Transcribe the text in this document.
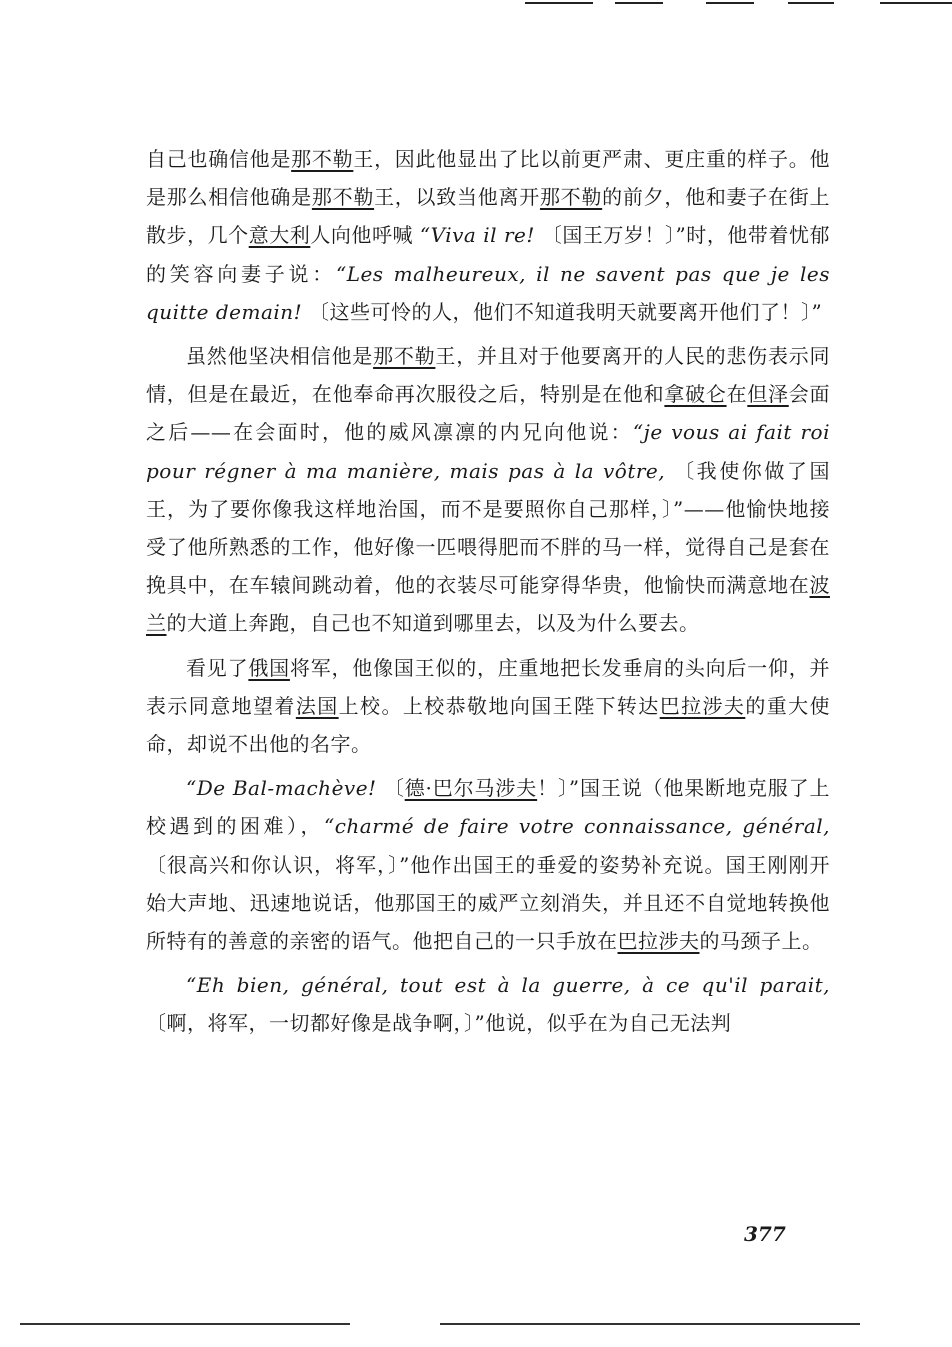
自己也确信他是那不勒王，因此他显出了比以前更严肃、更庄重的样子。他是那么相信他确是那不勒王，以致当他离开那不勒的前夕，他和妻子在街上散步，几个意大利人向他呼喊 “Viva il re! 〔国王万岁！〕”时，他带着忧郁的笑容向妻子说：“Les malheureux, il ne savent pas que je les quitte demain! 〔这些可怜的人，他们不知道我明天就要离开他们了！〕”

虽然他坚决相信他是那不勒王，并且对于他要离开的人民的悲伤表示同情，但是在最近，在他奉命再次服役之后，特别是在他和拿破仑在但泽会面之后——在会面时，他的威风凛凛的内兄向他说：“je vous ai fait roi pour régner à ma manière, mais pas à la vôtre, 〔我使你做了国王，为了要你像我这样地治国，而不是要照你自己那样，〕”——他愉快地接受了他所熟悉的工作，他好像一匹喂得肥而不胖的马一样，觉得自己是套在挽具中，在车辕间跳动着，他的衣装尽可能穿得华贵，他愉快而满意地在波兰的大道上奔跑，自己也不知道到哪里去，以及为什么要去。

看见了俄国将军，他像国王似的，庄重地把长发垂肩的头向后一仰，并表示同意地望着法国上校。上校恭敬地向国王陛下转达巴拉涉夫的重大使命，却说不出他的名字。

“De Bal-machève! 〔德·巴尔马涉夫！〕”国王说（他果断地克服了上校遇到的困难），“charmé de faire votre connaissance, général, 〔很高兴和你认识，将军，〕”他作出国王的垂爱的姿势补充说。国王刚刚开始大声地、迅速地说话，他那国王的威严立刻消失，并且还不自觉地转换他所特有的善意的亲密的语气。他把自己的一只手放在巴拉涉夫的马颈子上。

“Eh bien, général, tout est à la guerre, à ce qu'il parait, 〔啊，将军，一切都好像是战争啊，〕”他说，似乎在为自己无法判

377
